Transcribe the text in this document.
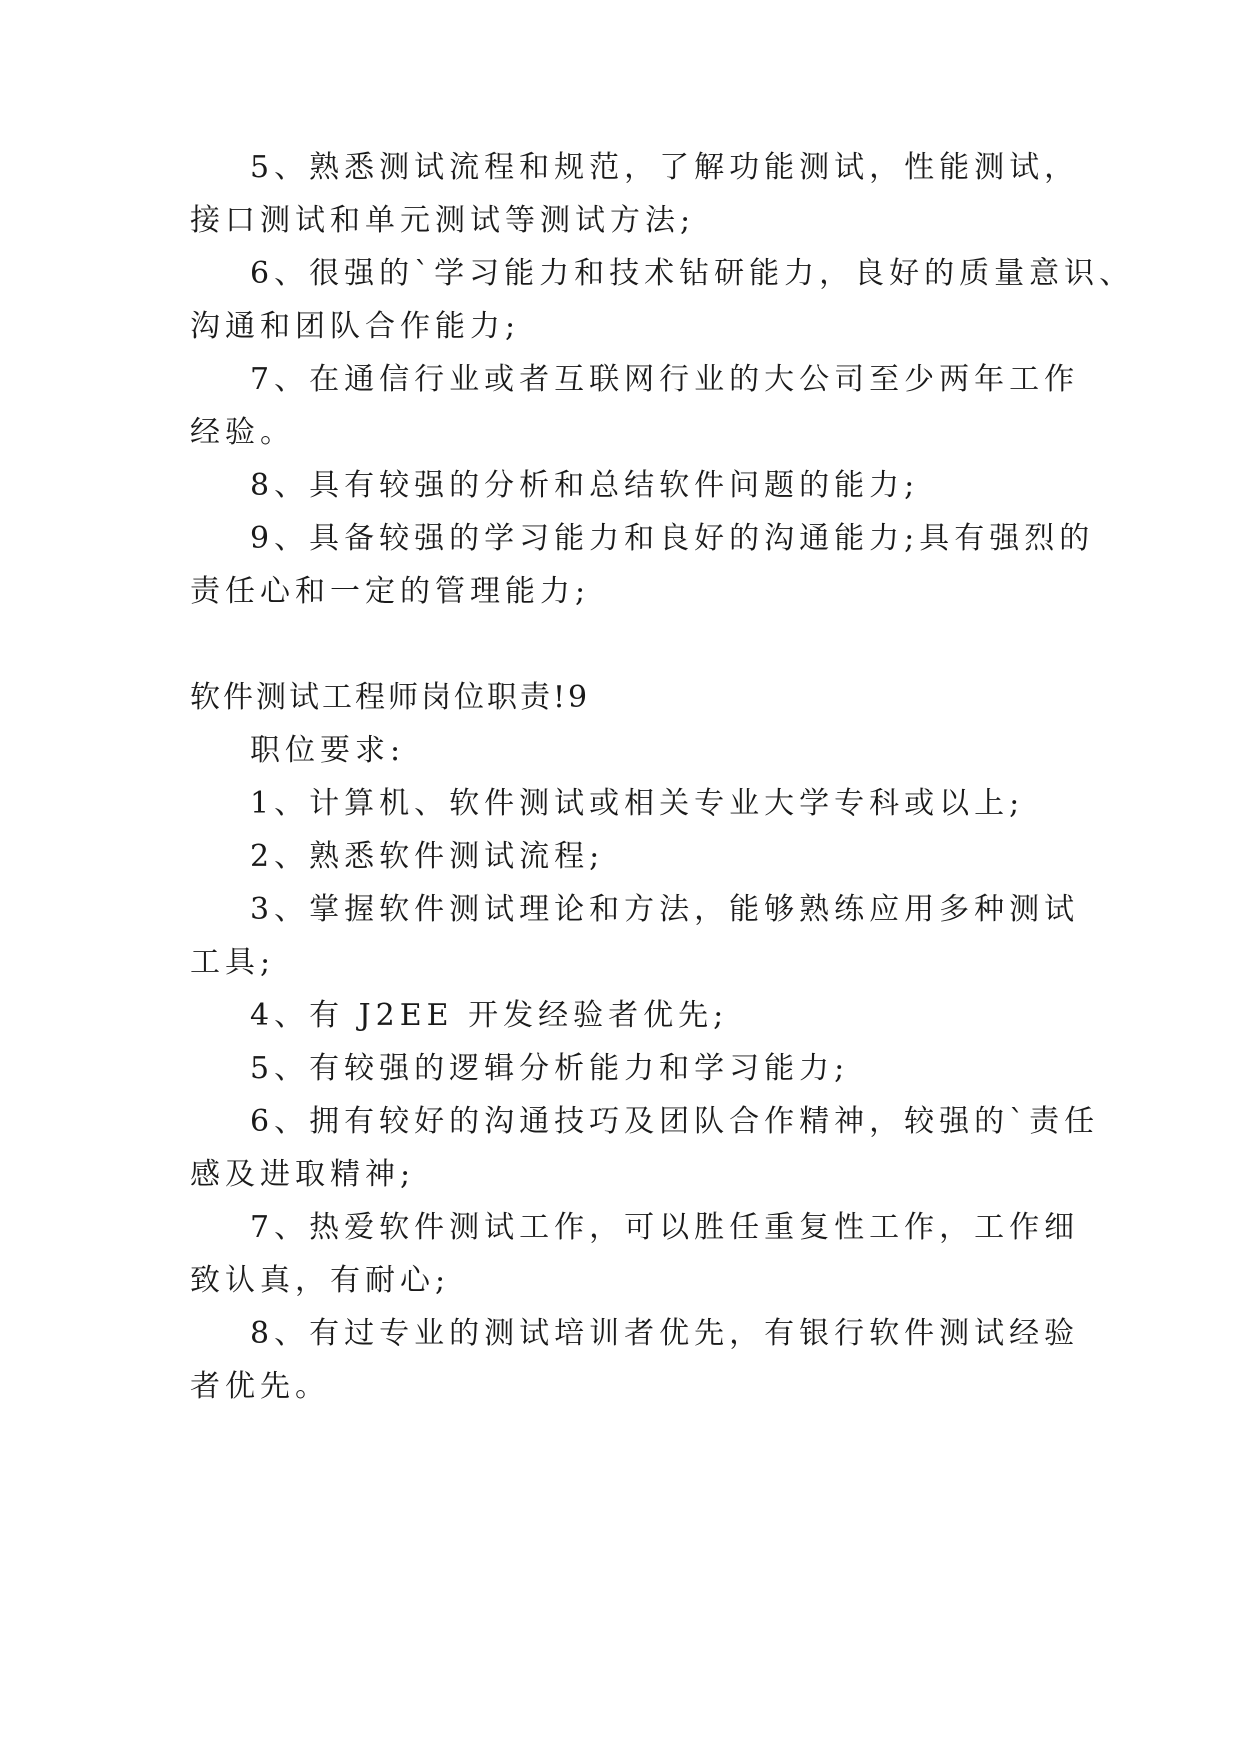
5、熟悉测试流程和规范，了解功能测试，性能测试，
接口测试和单元测试等测试方法;
6、很强的`学习能力和技术钻研能力，良好的质量意识、
沟通和团队合作能力;
7、在通信行业或者互联网行业的大公司至少两年工作
经验。
8、具有较强的分析和总结软件问题的能力;
9、具备较强的学习能力和良好的沟通能力;具有强烈的
责任心和一定的管理能力;
软件测试工程师岗位职责!9
职位要求:
1、计算机、软件测试或相关专业大学专科或以上;
2、熟悉软件测试流程;
3、掌握软件测试理论和方法，能够熟练应用多种测试
工具;
4、有 J2EE 开发经验者优先;
5、有较强的逻辑分析能力和学习能力;
6、拥有较好的沟通技巧及团队合作精神，较强的`责任
感及进取精神;
7、热爱软件测试工作，可以胜任重复性工作，工作细
致认真，有耐心;
8、有过专业的测试培训者优先，有银行软件测试经验
者优先。
